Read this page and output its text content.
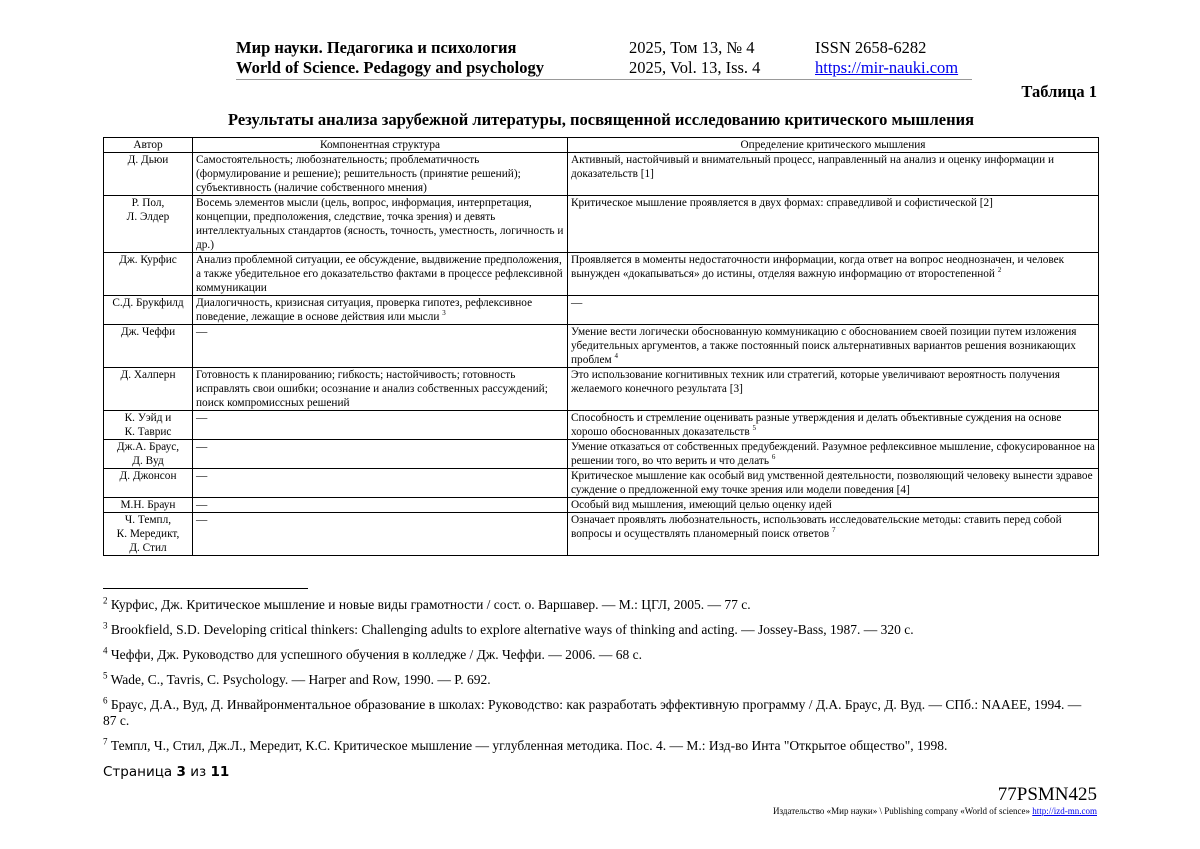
Мир науки. Педагогика и психология	2025, Том 13, № 4	ISSN 2658-6282
World of Science. Pedagogy and psychology	2025, Vol. 13, Iss. 4	https://mir-nauki.com
Таблица 1
Результаты анализа зарубежной литературы, посвященной исследованию критического мышления
Автор	Компонентная структура	Определение критического мышления

Д. Дьюи	Самостоятельность; любознательность; проблематичность (формулирование и решение); решительность (принятие решений); субъективность (наличие собственного мнения)	Активный, настойчивый и внимательный процесс, направленный на анализ и оценку информации и доказательств [1]

Р. Пол,
Л. Элдер	Восемь элементов мысли (цель, вопрос, информация, интерпретация, концепции, предположения, следствие, точка зрения) и девять интеллектуальных стандартов (ясность, точность, уместность, логичность и др.)	Критическое мышление проявляется в двух формах: справедливой и софистической [2]

Дж. Курфис	Анализ проблемной ситуации, ее обсуждение, выдвижение предположения, а также убедительное его доказательство фактами в процессе рефлексивной коммуникации	Проявляется в моменты недостаточности информации, когда ответ на вопрос неоднозначен, и человек вынужден «докапываться» до истины, отделяя важную информацию от второстепенной $^2$

С.Д. Брукфилд	Диалогичность, кризисная ситуация, проверка гипотез, рефлексивное поведение, лежащие в основе действия или мысли $^3$	—

Дж. Чеффи	—	Умение вести логически обоснованную коммуникацию с обоснованием своей позиции путем изложения убедительных аргументов, а также постоянный поиск альтернативных вариантов решения возникающих проблем $^4$

Д. Халперн	Готовность к планированию; гибкость; настойчивость; готовность исправлять свои ошибки; осознание и анализ собственных рассуждений; поиск компромиссных решений	Это использование когнитивных техник или стратегий, которые увеличивают вероятность получения желаемого конечного результата [3]

К. Уэйд и
К. Таврис	—	Способность и стремление оценивать разные утверждения и делать объективные суждения на основе хорошо обоснованных доказательств $^5$

Дж.А. Браус,
Д. Вуд	—	Умение отказаться от собственных предубеждений. Разумное рефлексивное мышление, сфокусированное на решении того, во что верить и что делать $^6$

Д. Джонсон	—	Критическое мышление как особый вид умственной деятельности, позволяющий человеку вынести здравое суждение о предложенной ему точке зрения или модели поведения [4]

М.Н. Браун	—	Особый вид мышления, имеющий целью оценку идей

Ч. Темпл,
К. Мередикт,
Д. Стил	—	Означает проявлять любознательность, использовать исследовательские методы: ставить перед собой вопросы и осуществлять планомерный поиск ответов $^7$
$^2$ Курфис, Дж. Критическое мышление и новые виды грамотности / сост. о. Варшавер. — М.: ЦГЛ, 2005. — 77 с.
$^3$ Brookfield, S.D. Developing critical thinkers: Challenging adults to explore alternative ways of thinking and acting. — Jossey-Bass, 1987. — 320 с.
$^4$ Чеффи, Дж. Руководство для успешного обучения в колледже / Дж. Чеффи. — 2006. — 68 с.
$^5$ Wade, C., Tavris, C. Psychology. — Harper and Row, 1990. — P. 692.
$^6$ Браус, Д.А., Вуд, Д. Инвайронментальное образование в школах: Руководство: как разработать эффективную программу / Д.А. Браус, Д. Вуд. — СПб.: NAAEE, 1994. — 87 с.
$^7$ Темпл, Ч., Стил, Дж.Л., Мередит, К.С. Критическое мышление — углубленная методика. Пос. 4. — М.: Изд-во Инта "Открытое общество", 1998.
Страница 3 из 11
77PSMN425
Издательство «Мир науки» \ Publishing company «World of science» http://izd-mn.com
